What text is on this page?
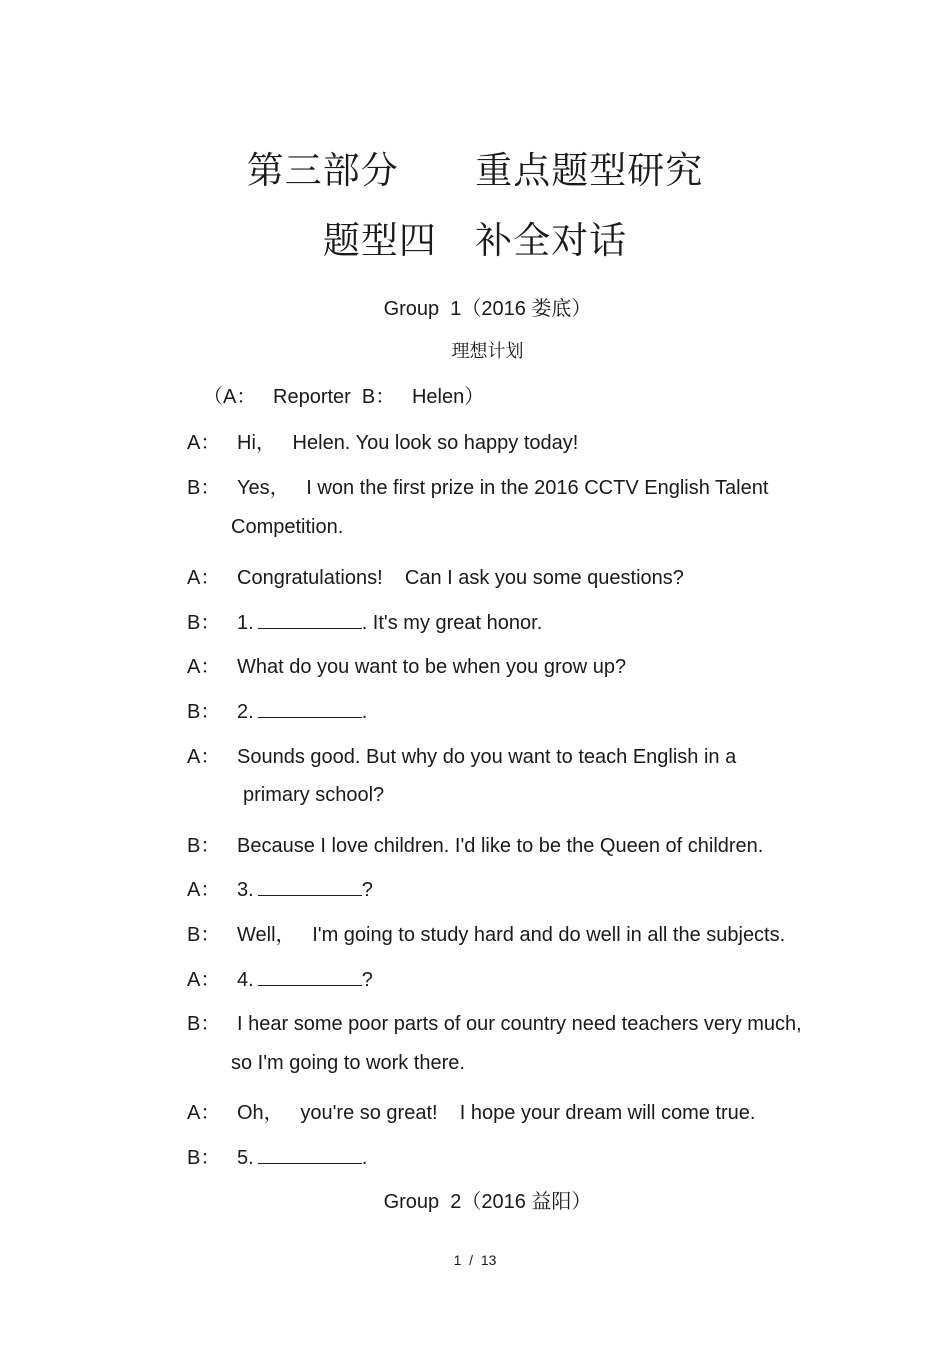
第三部分      重点题型研究
题型四   补全对话
Group  1（2016 娄底）
理想计划
（A：   Reporter  B：   Helen）
A： Hi，   Helen. You look so happy today!
B： Yes，   I won the first prize in the 2016 CCTV English Talent
Competition.
A： Congratulations!    Can I ask you some questions?
B： 1.	. It's my great honor.
A： What do you want to be when you grow up?
B： 2.	.
A： Sounds good. But why do you want to teach English in a
primary school?
B： Because I love children. I'd like to be the Queen of children.
A： 3.	?
B： Well，   I'm going to study hard and do well in all the subjects.
A： 4.	?
B： I hear some poor parts of our country need teachers very much,
so I'm going to work there.
A： Oh，   you're so great!    I hope your dream will come true.
B： 5.	.
Group  2（2016 益阳）
1  /  13
